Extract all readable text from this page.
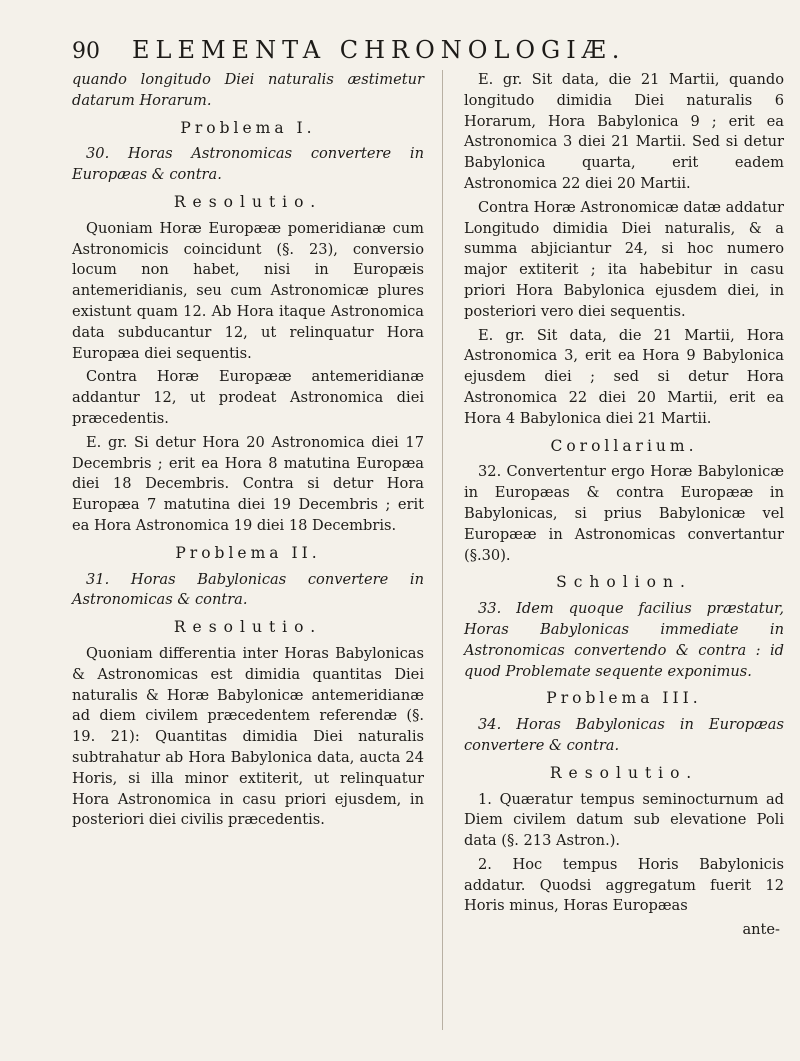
90	ELEMENTA CHRONOLOGIÆ.

quando longitudo Diei naturalis æstimetur datarum Horarum.

Problema I.

30. Horas Astronomicas convertere in Europæas & contra.

Resolutio.

Quoniam Horæ Europææ pomeridianæ cum Astronomicis coincidunt (§. 23), conversio locum non habet, nisi in Europæis antemeridianis, seu cum Astronomicæ plures existunt quam 12. Ab Hora itaque Astronomica data subducantur 12, ut relinquatur Hora Europæa diei sequentis.

Contra Horæ Europææ antemeridianæ addantur 12, ut prodeat Astronomica diei præcedentis.

E. gr. Si detur Hora 20 Astronomica diei 17 Decembris ; erit ea Hora 8 matutina Europæa diei 18 Decembris. Contra si detur Hora Europæa 7 matutina diei 19 Decembris ; erit ea Hora Astronomica 19 diei 18 Decembris.

Problema II.

31. Horas Babylonicas convertere in Astronomicas & contra.

Resolutio.

Quoniam differentia inter Horas Babylonicas & Astronomicas est dimidia quantitas Diei naturalis & Horæ Babylonicæ antemeridianæ ad diem civilem præcedentem referendæ (§. 19. 21): Quantitas dimidia Diei naturalis subtrahatur ab Hora Babylonica data, aucta 24 Horis, si illa minor extiterit, ut relinquatur Hora Astronomica in casu priori ejusdem, in posteriori diei civilis præcedentis.

E. gr. Sit data, die 21 Martii, quando longitudo dimidia Diei naturalis 6 Horarum, Hora Babylonica 9 ; erit ea Astronomica 3 diei 21 Martii. Sed si detur Babylonica quarta, erit eadem Astronomica 22 diei 20 Martii.

Contra Horæ Astronomicæ datæ addatur Longitudo dimidia Diei naturalis, & a summa abjiciantur 24, si hoc numero major extiterit ; ita habebitur in casu priori Hora Babylonica ejusdem diei, in posteriori vero diei sequentis.

E. gr. Sit data, die 21 Martii, Hora Astronomica 3, erit ea Hora 9 Babylonica ejusdem diei ; sed si detur Hora Astronomica 22 diei 20 Martii, erit ea Hora 4 Babylonica diei 21 Martii.

Corollarium.

32. Convertentur ergo Horæ Babylonicæ in Europæas & contra Europææ in Babylonicas, si prius Babylonicæ vel Europææ in Astronomicas convertantur (§.30).

Scholion.

33. Idem quoque facilius præstatur, Horas Babylonicas immediate in Astronomicas convertendo & contra : id quod Problemate sequente exponimus.

Problema III.

34. Horas Babylonicas in Europæas convertere & contra.

Resolutio.

1. Quæratur tempus seminocturnum ad Diem civilem datum sub elevatione Poli data (§. 213 Astron.).

2. Hoc tempus Horis Babylonicis addatur. Quodsi aggregatum fuerit 12 Horis minus, Horas Europæas

ante-
